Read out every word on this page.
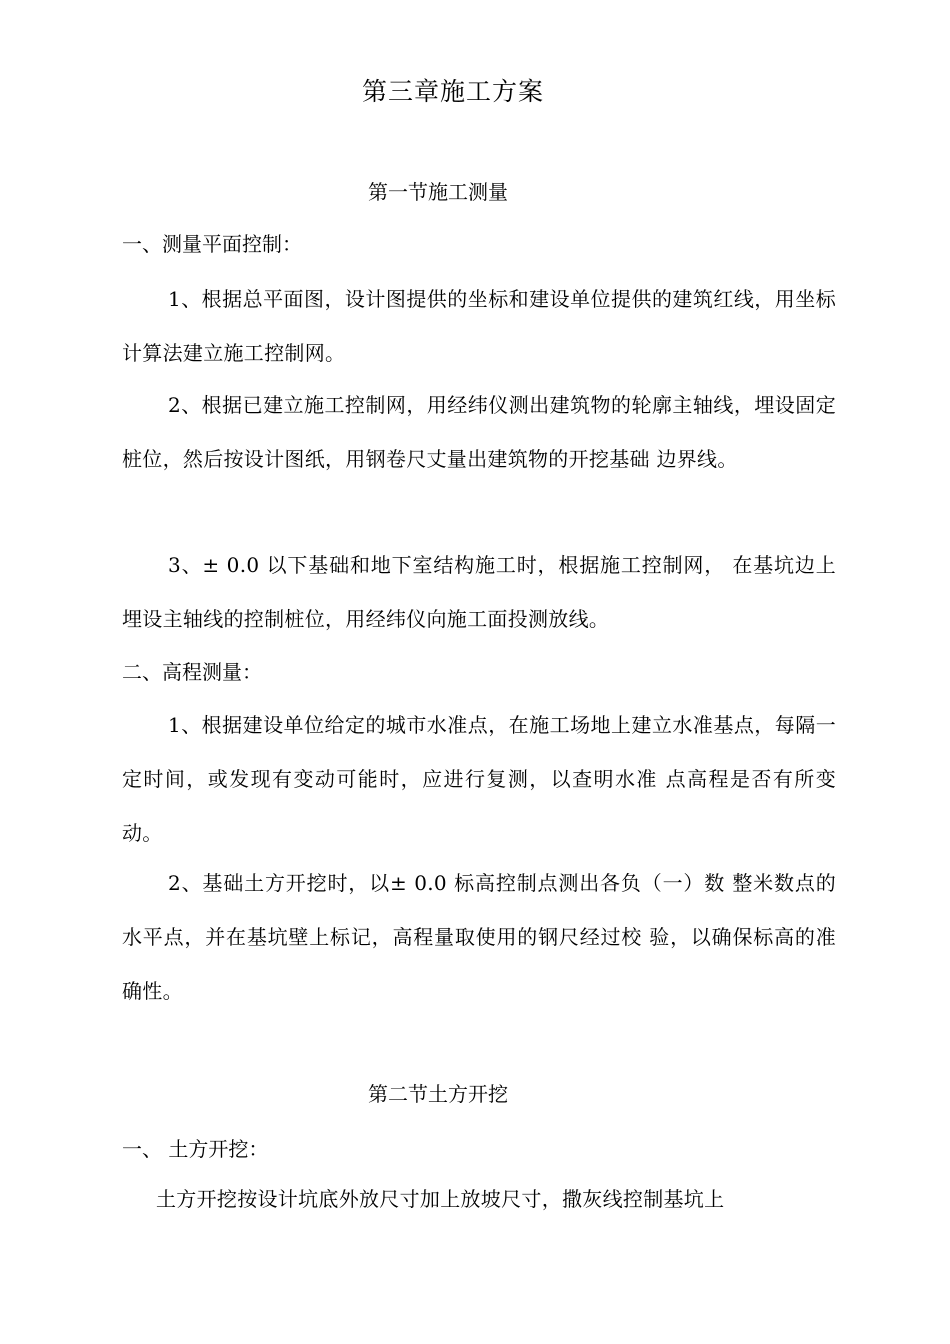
第三章施工方案
第一节施工测量
一、测量平面控制：
1、根据总平面图，设计图提供的坐标和建设单位提供的建筑红线，用坐标计算法建立施工控制网。
2、根据已建立施工控制网，用经纬仪测出建筑物的轮廓主轴线，埋设固定桩位，然后按设计图纸，用钢卷尺丈量出建筑物的开挖基础 边界线。
3、± 0.0 以下基础和地下室结构施工时，根据施工控制网， 在基坑边上埋设主轴线的控制桩位，用经纬仪向施工面投测放线。
二、高程测量：
1、根据建设单位给定的城市水准点，在施工场地上建立水准基点，每隔一定时间，或发现有变动可能时，应进行复测，以查明水准 点高程是否有所变动。
2、基础土方开挖时，以± 0.0 标高控制点测出各负（一）数 整米数点的水平点，并在基坑壁上标记，高程量取使用的钢尺经过校 验，以确保标高的准确性。
第二节土方开挖
一、 土方开挖：
土方开挖按设计坑底外放尺寸加上放坡尺寸，撒灰线控制基坑上
